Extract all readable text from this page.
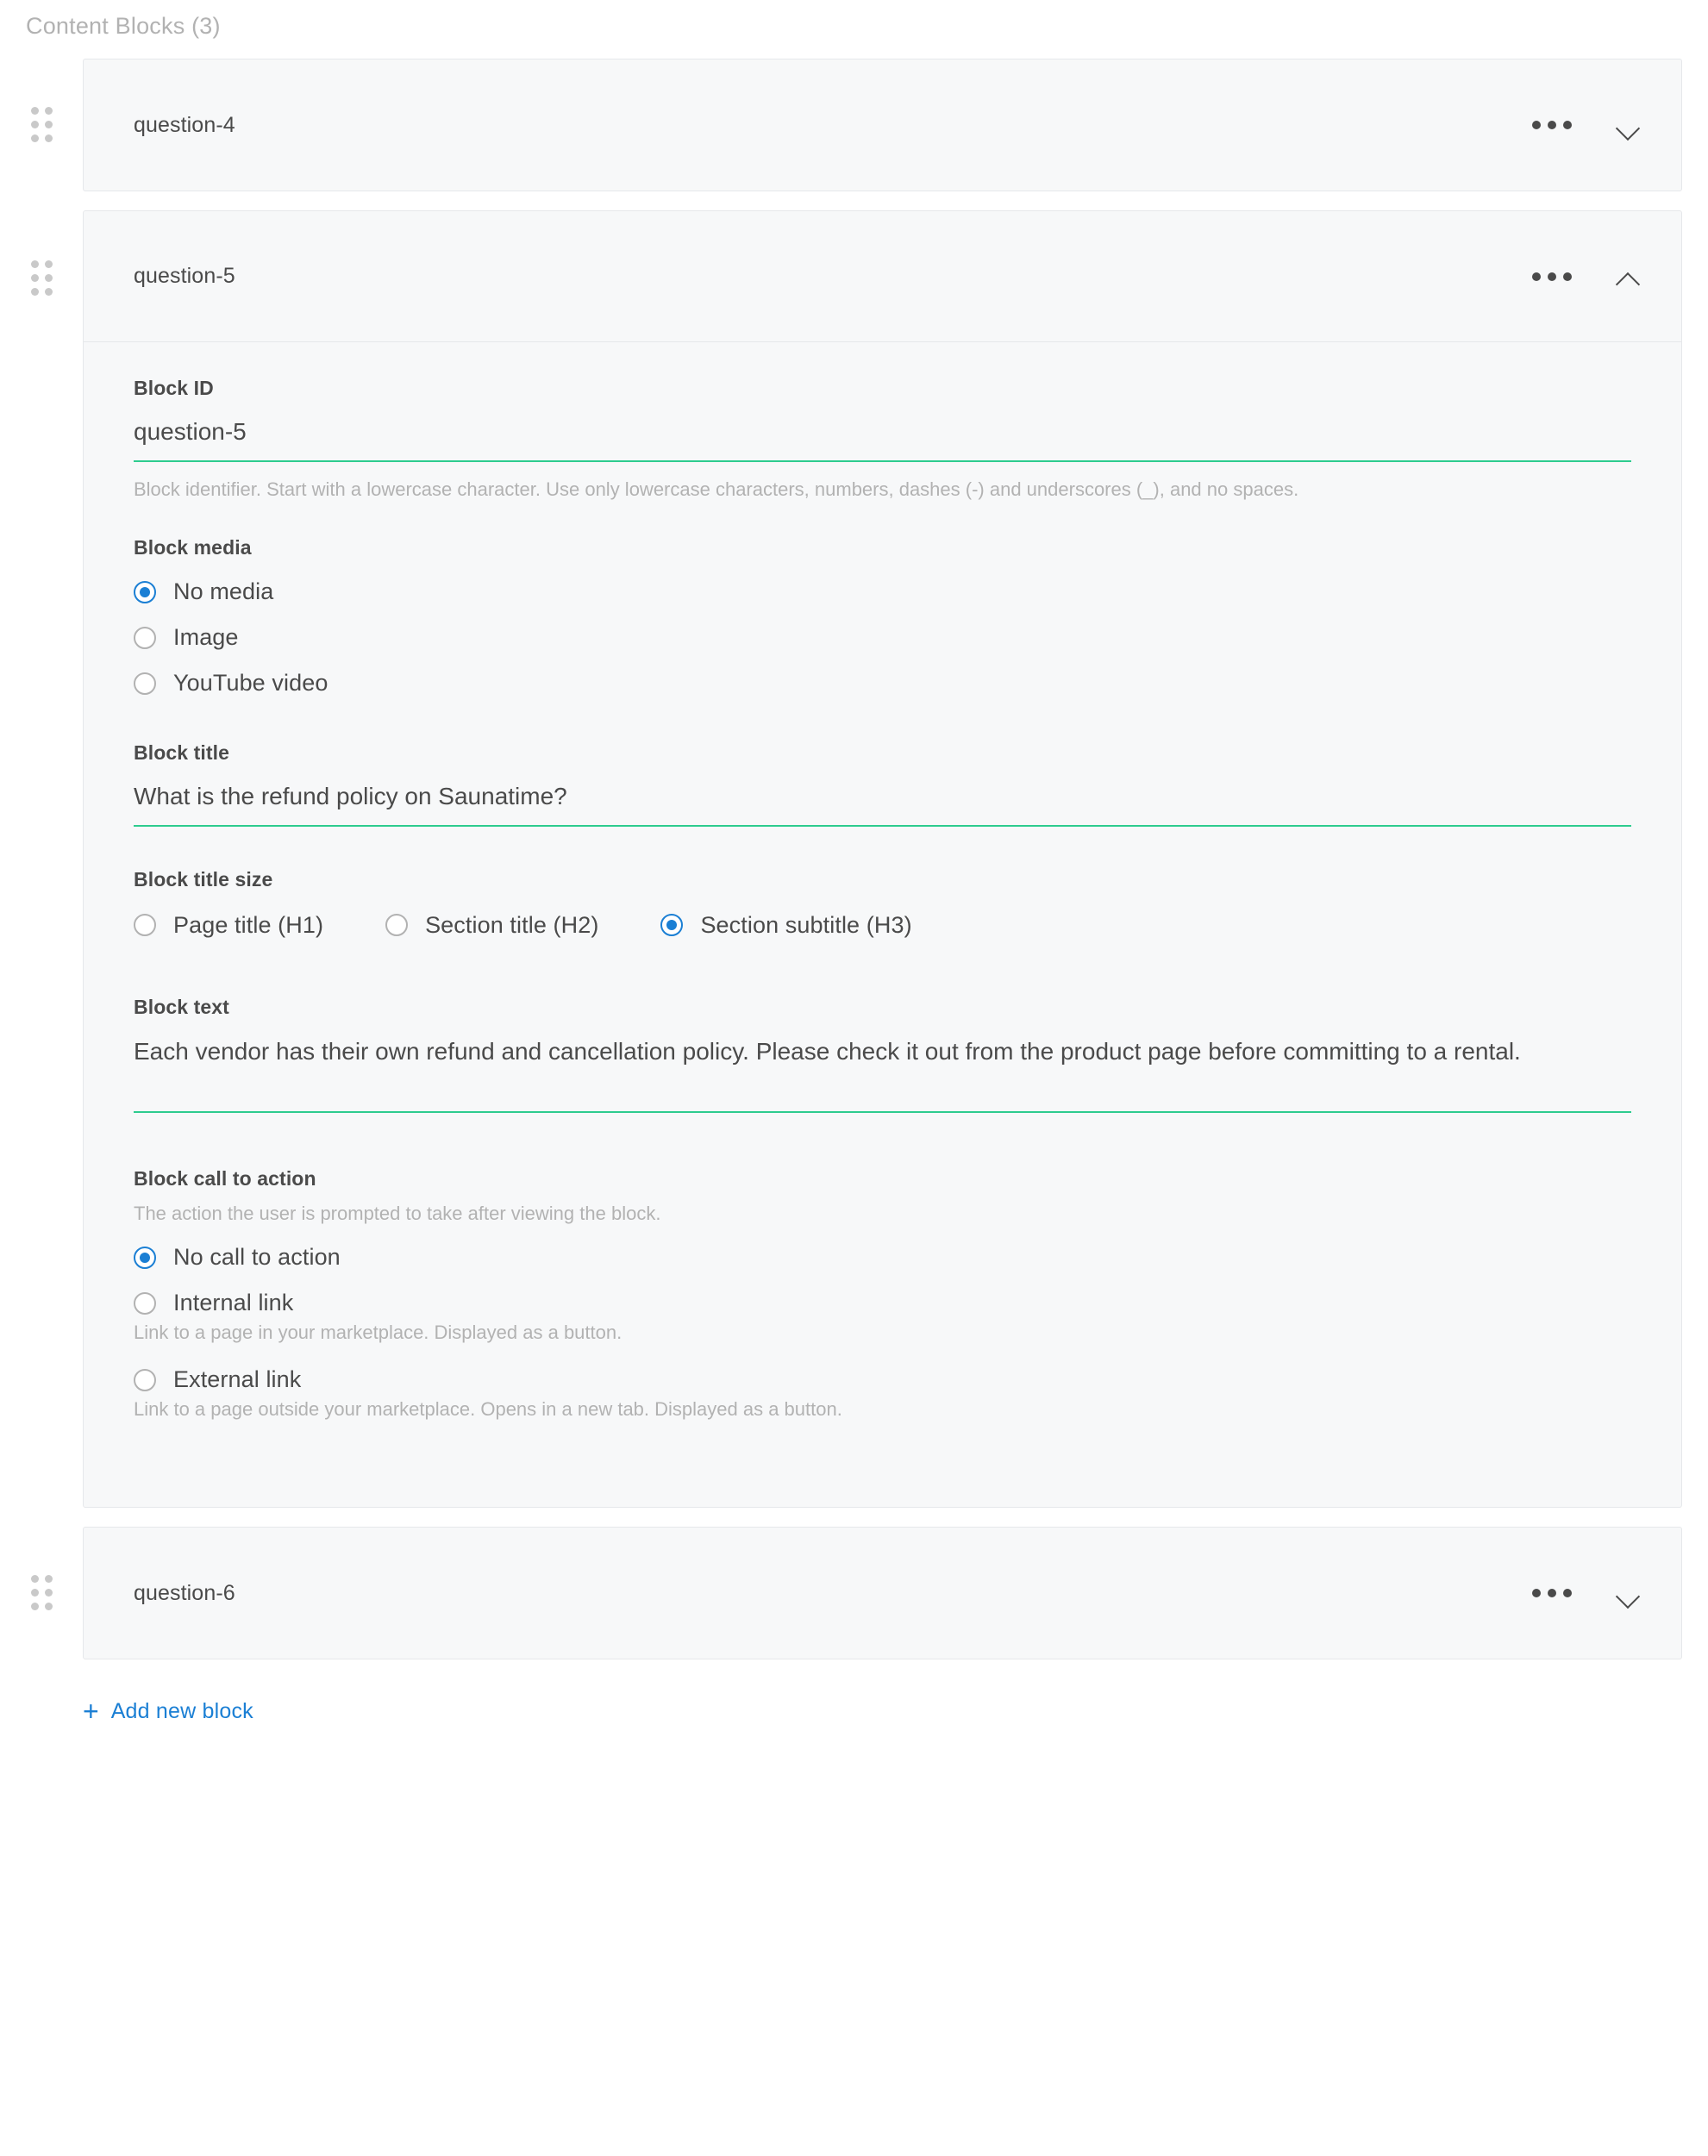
Content Blocks (3)
question-4
question-5
Block ID
question-5
Block identifier. Start with a lowercase character. Use only lowercase characters, numbers, dashes (-) and underscores (_), and no spaces.
Block media
No media
Image
YouTube video
Block title
What is the refund policy on Saunatime?
Block title size
Page title (H1)	Section title (H2)	Section subtitle (H3)
Block text
Each vendor has their own refund and cancellation policy. Please check it out from the product page before committing to a rental.
Block call to action
The action the user is prompted to take after viewing the block.
No call to action
Internal link
Link to a page in your marketplace. Displayed as a button.
External link
Link to a page outside your marketplace. Opens in a new tab. Displayed as a button.
question-6
+ Add new block
